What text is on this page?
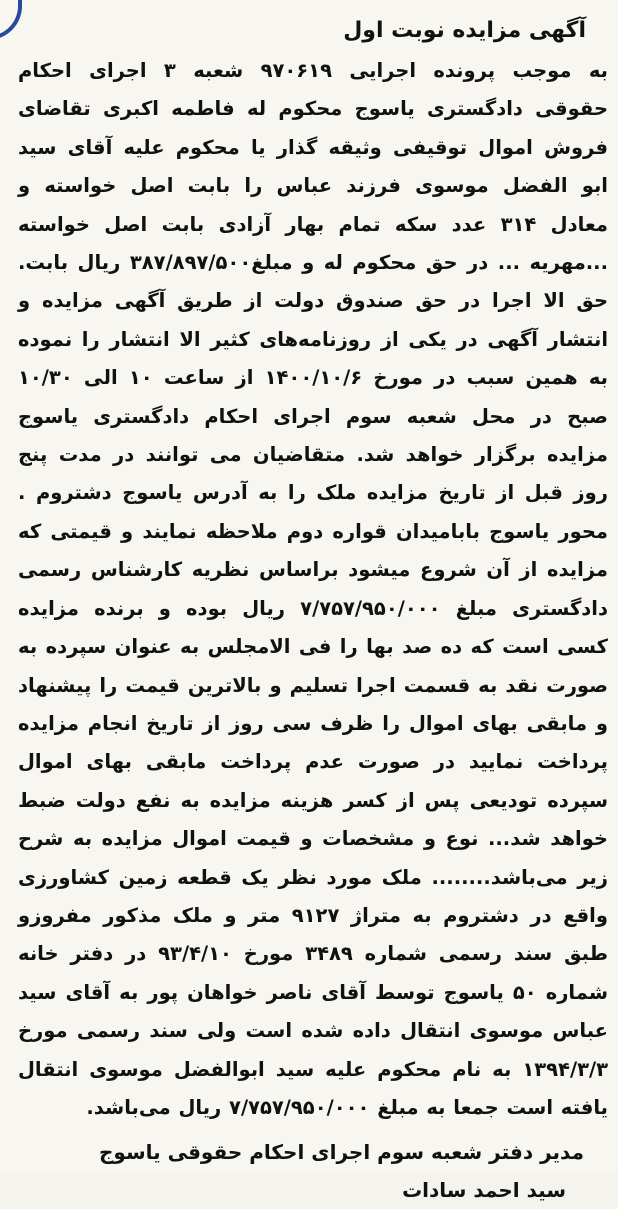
آگهی مزایده نوبت اول

به موجب پرونده اجرایی ۹۷۰۶۱۹ شعبه ۳ اجرای احکام حقوقی دادگستری یاسوج محکوم له فاطمه اکبری تقاضای فروش اموال توقیفی وثیقه گذار یا محکوم علیه آقای سید ابو الفضل موسوی فرزند عباس را بابت اصل خواسته و معادل ۳۱۴ عدد سکه تمام بهار آزادی بابت اصل خواسته ...مهریه ... در حق محکوم له و مبلغ۳۸۷/۸۹۷/۵۰۰ ریال بابت. حق الا اجرا در حق صندوق دولت از طریق آگهی مزایده و انتشار آگهی در یکی از روزنامه‌های کثیر الا انتشار را نموده به همین سبب در مورخ ۱۴۰۰/۱۰/۶ از ساعت ۱۰ الی ۱۰/۳۰ صبح در محل شعبه سوم اجرای احکام دادگستری یاسوج مزایده برگزار خواهد شد. متقاضیان می توانند در مدت پنج روز قبل از تاریخ مزایده ملک را به آدرس یاسوج دشتروم . محور یاسوج بابامیدان قواره دوم ملاحظه نمایند و قیمتی که مزایده از آن شروع میشود براساس نظریه کارشناس رسمی دادگستری مبلغ ۷/۷۵۷/۹۵۰/۰۰۰ ریال بوده و برنده مزایده کسی است که ده صد بها را فی الامجلس به عنوان سپرده به صورت نقد به قسمت اجرا تسلیم و بالاترین قیمت را پیشنهاد و مابقی بهای اموال را ظرف سی روز از تاریخ انجام مزایده پرداخت نمایید در صورت عدم پرداخت مابقی بهای اموال سپرده تودیعی پس از کسر هزینه مزایده به نفع دولت ضبط خواهد شد... نوع و مشخصات و قیمت اموال مزایده به شرح زیر می‌باشد........ ملک مورد نظر یک قطعه زمین کشاورزی واقع در دشتروم به متراژ ۹۱۲۷ متر و ملک مذکور مفروزو طبق سند رسمی شماره ۳۴۸۹ مورخ ۹۳/۴/۱۰ در دفتر خانه شماره ۵۰ یاسوج توسط آقای ناصر خواهان پور به آقای سید عباس موسوی انتقال داده شده است ولی سند رسمی مورخ ۱۳۹۴/۳/۳ به نام محکوم علیه سید ابوالفضل موسوی انتقال یافته است جمعا به مبلغ ۷/۷۵۷/۹۵۰/۰۰۰ ریال می‌باشد.

مدیر دفتر شعبه سوم اجرای احکام حقوقی یاسوج
سید احمد سادات
